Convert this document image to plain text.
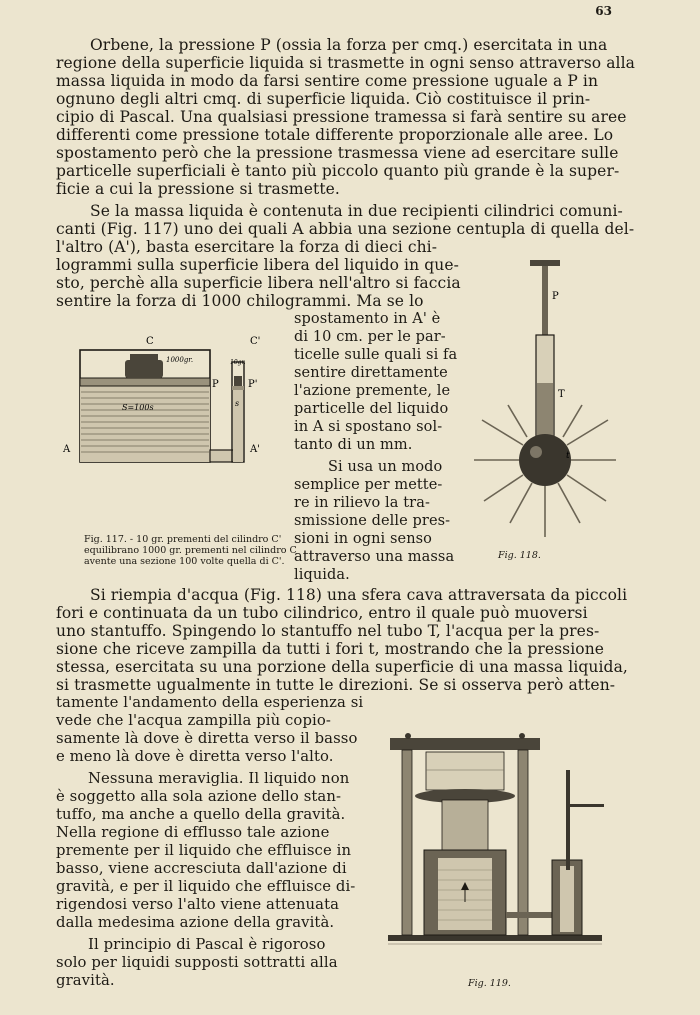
63
Orbene, la pressione P (ossia la forza per cmq.) esercitata in una
regione della superficie liquida si trasmette in ogni senso attraverso alla
massa liquida in modo da farsi sentire come pressione uguale a P in
ognuno degli altri cmq. di superficie liquida. Ciò costituisce il prin-
cipio di Pascal. Una qualsiasi pressione tramessa si farà sentire su aree
differenti come pressione totale differente proporzionale alle aree. Lo
spostamento però che la pressione trasmessa viene ad esercitare sulle
particelle superficiali è tanto più piccolo quanto più grande è la super-
ficie a cui la pressione si trasmette.
Se la massa liquida è contenuta in due recipienti cilindrici comuni-
canti (Fig. 117) uno dei quali A abbia una sezione centupla di quella del-
l'altro (A'), basta esercitare la forza di dieci chi-
logrammi sulla superficie libera del liquido in que-
sto, perchè alla superficie libera nell'altro si faccia
sentire la forza di 1000 chilogrammi. Ma se lo
spostamento in A' è
di 10 cm. per le par-
ticelle sulle quali si fa
sentire direttamente
l'azione premente, le
particelle del liquido
in A si spostano sol-
tanto di un mm.
Si usa un modo
semplice per mette-
re in rilievo la tra-
smissione delle pres-
sioni in ogni senso
attraverso una massa
liquida.
C	C'
P	P'
A	A'
S=100s	s
1000gr.	10gr.
Fig. 117. - 10 gr. prementi del cilindro C'
equilibrano 1000 gr. prementi nel cilindro C
avente una sezione 100 volte quella di C'.
P
T
t
Fig. 118.
Si riempia d'acqua (Fig. 118) una sfera cava attraversata da piccoli
fori e continuata da un tubo cilindrico, entro il quale può muoversi
uno stantuffo. Spingendo lo stantuffo nel tubo T, l'acqua per la pres-
sione che riceve zampilla da tutti i fori t, mostrando che la pressione
stessa, esercitata su una porzione della superficie di una massa liquida,
si trasmette ugualmente in tutte le direzioni. Se si osserva però atten-
tamente l'andamento della esperienza si
vede che l'acqua zampilla più copio-
samente là dove è diretta verso il basso
e meno là dove è diretta verso l'alto.
Nessuna meraviglia. Il liquido non
è soggetto alla sola azione dello stan-
tuffo, ma anche a quello della gravità.
Nella regione di efflusso tale azione
premente per il liquido che effluisce in
basso, viene accresciuta dall'azione di
gravità, e per il liquido che effluisce di-
rigendosi verso l'alto viene attenuata
dalla medesima azione della gravità.
Il principio di Pascal è rigoroso
solo per liquidi supposti sottratti alla
gravità.	Fig. 119.
